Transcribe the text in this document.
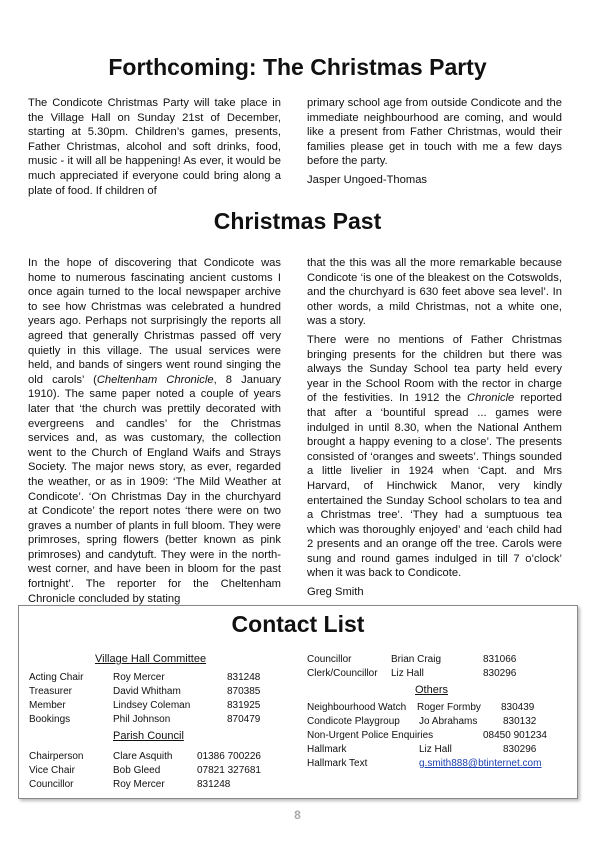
Forthcoming: The Christmas Party

The Condicote Christmas Party will take place in the Village Hall on Sunday 21st of December, starting at 5.30pm. Children’s games, presents, Father Christmas, alcohol and soft drinks, food, music - it will all be happening! As ever, it would be much appreciated if everyone could bring along a plate of food. If children of

primary school age from outside Condicote and the immediate neighbourhood are coming, and would like a present from Father Christmas, would their families please get in touch with me a few days before the party.

Jasper Ungoed-Thomas

Christmas Past

In the hope of discovering that Condicote was home to numerous fascinating ancient customs I once again turned to the local newspaper archive to see how Christmas was celebrated a hundred years ago. Perhaps not surprisingly the reports all agreed that generally Christmas passed off very quietly in this village. The usual services were held, and bands of singers went round singing the old carols’ (Cheltenham Chronicle, 8 January 1910). The same paper noted a couple of years later that ‘the church was prettily decorated with evergreens and candles’ for the Christmas services and, as was customary, the collection went to the Church of England Waifs and Strays Society. The major news story, as ever, regarded the weather, or as in 1909: ‘The Mild Weather at Condicote’. ‘On Christmas Day in the churchyard at Condicote’ the report notes ‘there were on two graves a number of plants in full bloom. They were primroses, spring flowers (better known as pink primroses) and candytuft. They were in the north-west corner, and have been in bloom for the past fortnight’. The reporter for the Cheltenham Chronicle concluded by stating

that the this was all the more remarkable because Condicote ‘is one of the bleakest on the Cotswolds, and the churchyard is 630 feet above sea level’. In other words, a mild Christmas, not a white one, was a story.

There were no mentions of Father Christmas bringing presents for the children but there was always the Sunday School tea party held every year in the School Room with the rector in charge of the festivities. In 1912 the Chronicle reported that after a ‘bountiful spread ... games were indulged in until 8.30, when the National Anthem brought a happy evening to a close’. The presents consisted of ‘oranges and sweets’. Things sounded a little livelier in 1924 when ‘Capt. and Mrs Harvard, of Hinchwick Manor, very kindly entertained the Sunday School scholars to tea and a Christmas tree’. ‘They had a sumptuous tea which was thoroughly enjoyed’ and ‘each child had 2 presents and an orange off the tree. Carols were sung and round games indulged in till 7 o’clock’ when it was back to Condicote.

Greg Smith

Contact List
Village Hall Committee
Acting Chair	Roy Mercer	831248
Treasurer	David Whitham	870385
Member	Lindsey Coleman	831925
Bookings	Phil Johnson	870479
Parish Council
Chairperson	Clare Asquith 01386 700226
Vice Chair	Bob Gleed	07821 327681
Councillor	Roy Mercer	831248
Councillor	Brian Craig	831066
Clerk/Councillor Liz Hall	830296
Others
Neighbourhood Watch Roger Formby 830439
Condicote Playgroup Jo Abrahams	830132
Non-Urgent Police Enquiries	08450 901234
Hallmark	Liz Hall	830296
Hallmark Text	g.smith888@btinternet.com
8
